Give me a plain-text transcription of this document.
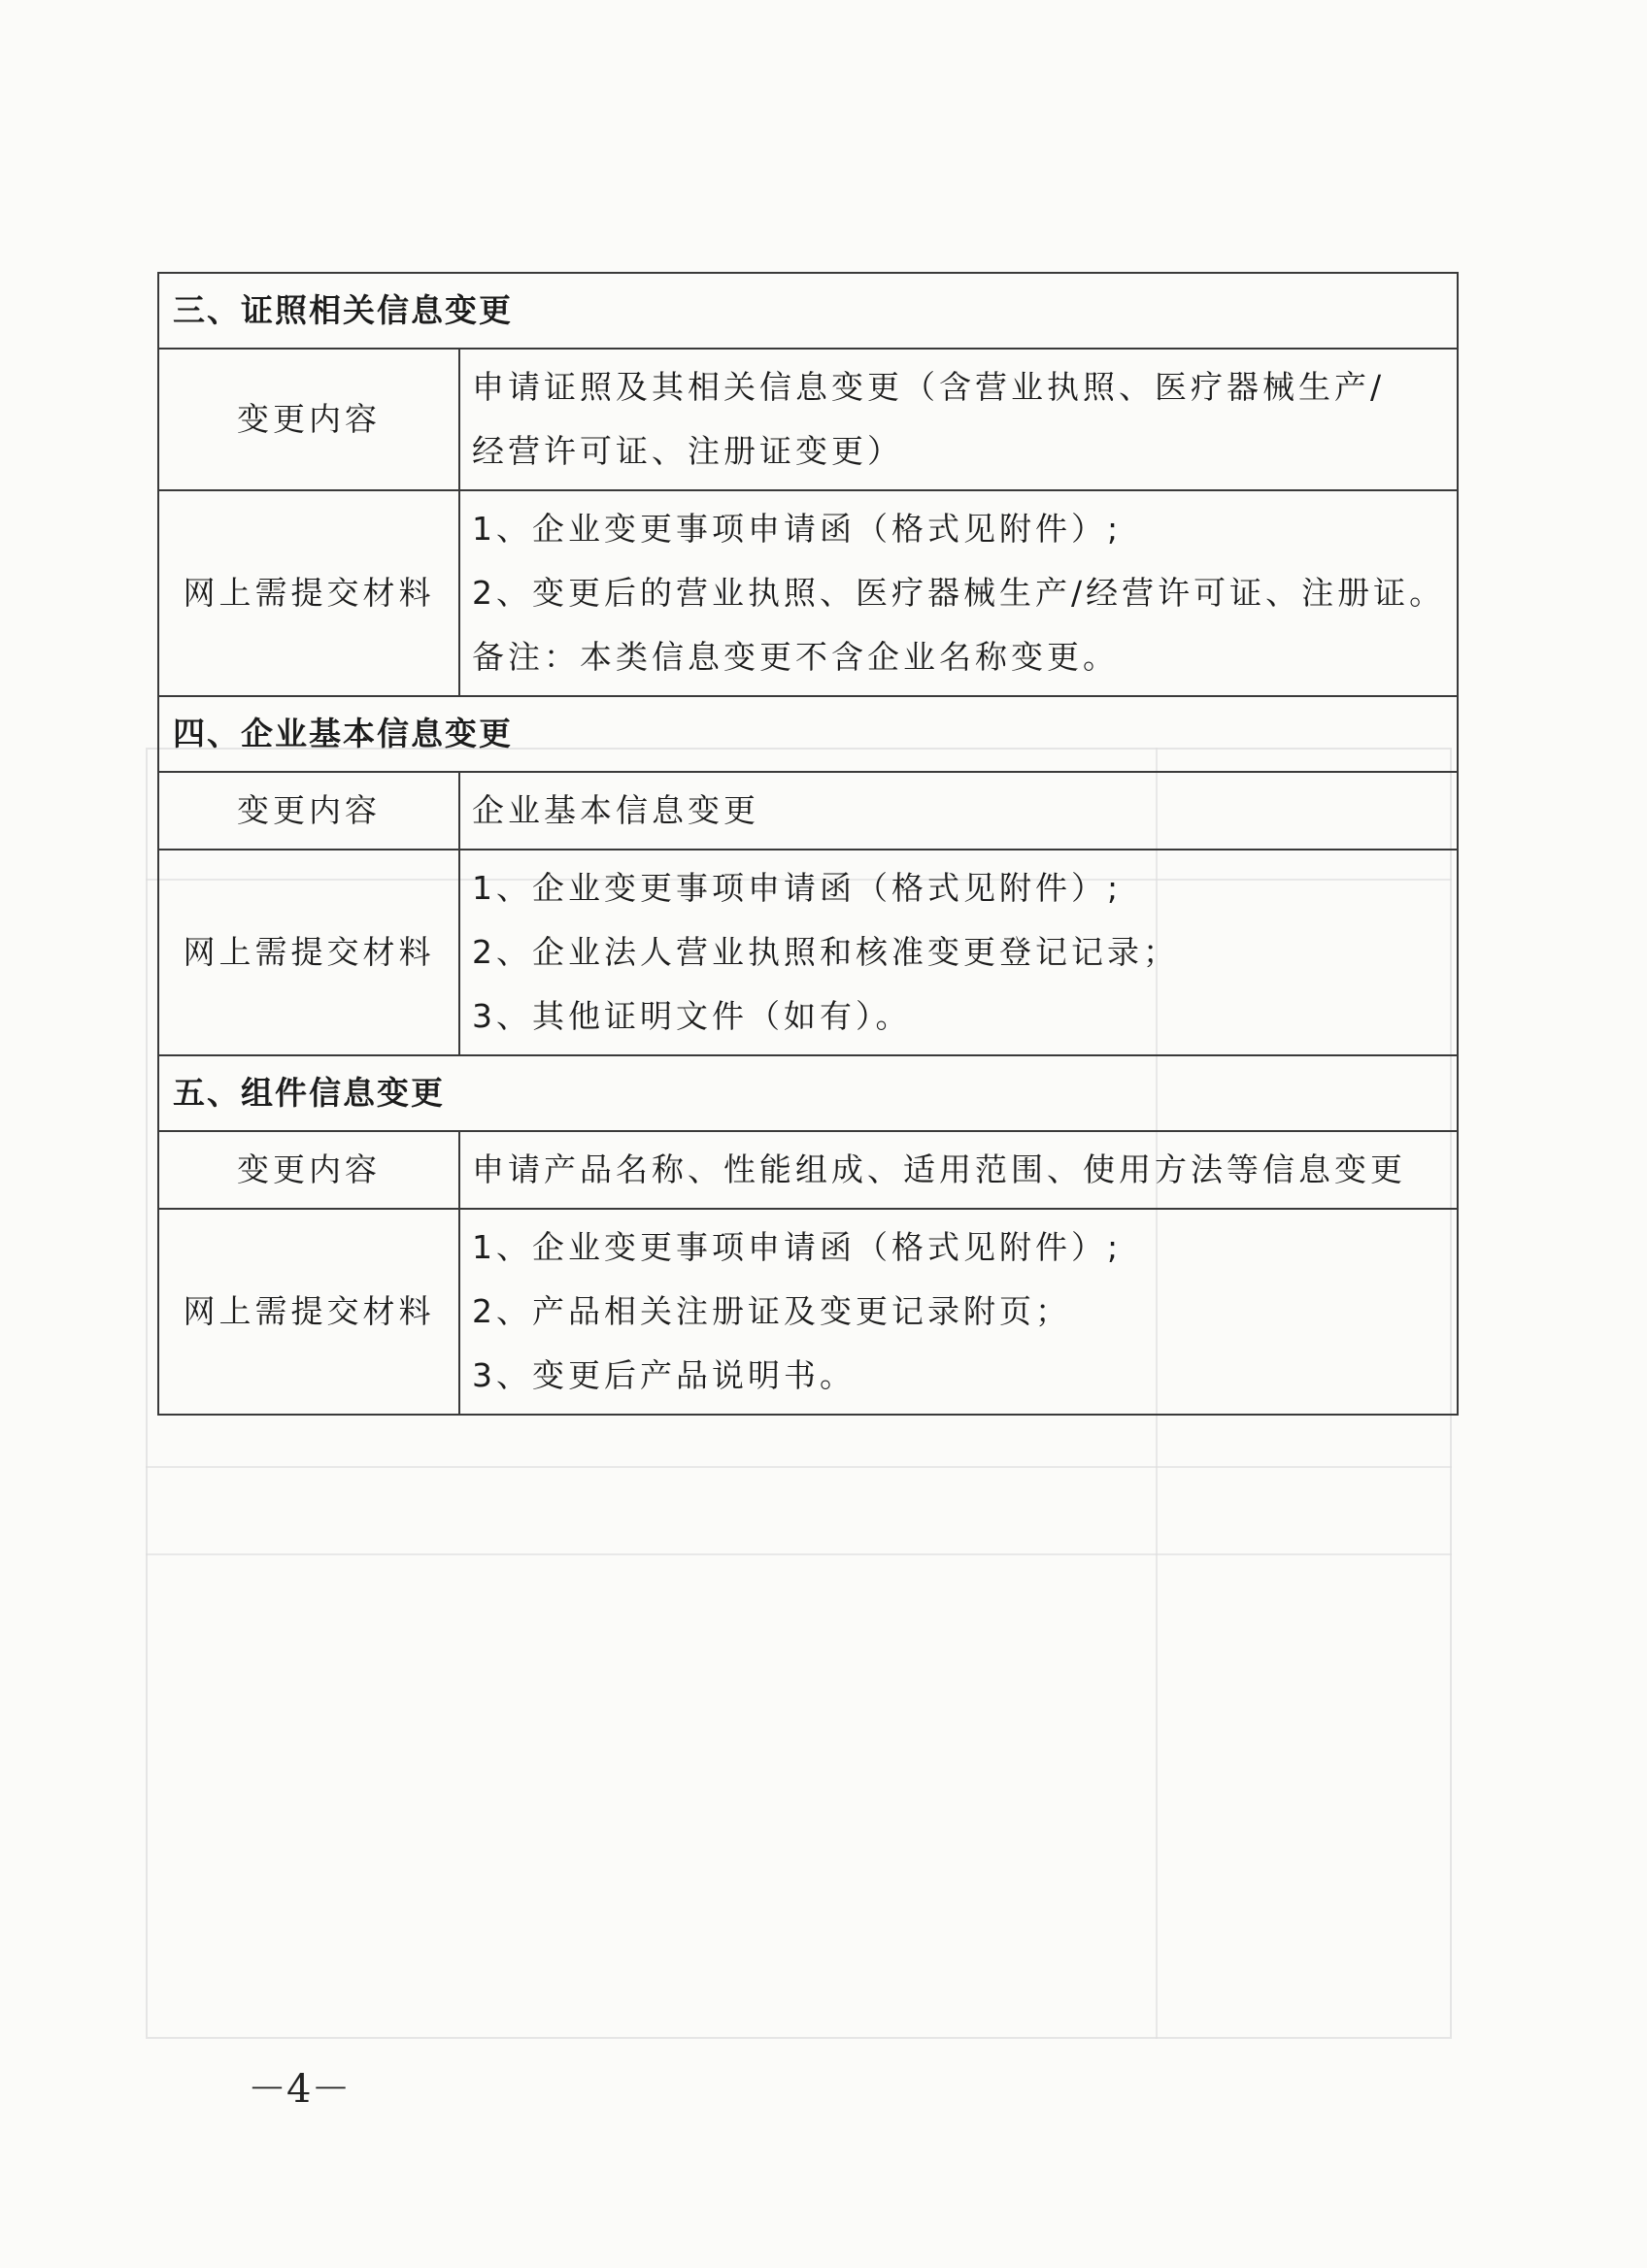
三、证照相关信息变更	
变更内容	申请证照及其相关信息变更（含营业执照、医疗器械生产/
经营许可证、注册证变更）

网上需提交材料	1、企业变更事项申请函（格式见附件）;
2、变更后的营业执照、医疗器械生产/经营许可证、注册证。
备注：本类信息变更不含企业名称变更。

四、企业基本信息变更	
变更内容	企业基本信息变更

网上需提交材料	1、企业变更事项申请函（格式见附件）;
2、企业法人营业执照和核准变更登记记录；
3、其他证明文件（如有）。

五、组件信息变更	
变更内容	申请产品名称、性能组成、适用范围、使用方法等信息变更

网上需提交材料	1、企业变更事项申请函（格式见附件）;
2、产品相关注册证及变更记录附页；
3、变更后产品说明书。
－4－
